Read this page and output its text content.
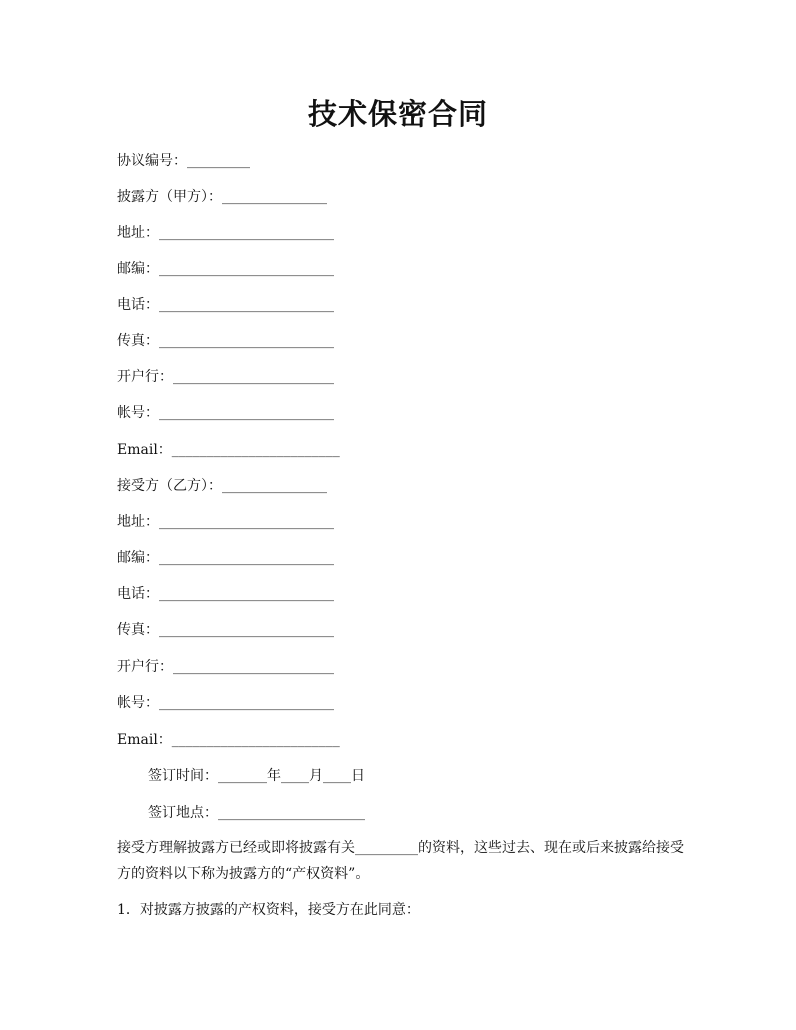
技术保密合同
协议编号：_________
披露方（甲方）：_______________
地址：_________________________
邮编：_________________________
电话：_________________________
传真：_________________________
开户行：_______________________
帐号：_________________________
Email：________________________
接受方（乙方）：_______________
地址：_________________________
邮编：_________________________
电话：_________________________
传真：_________________________
开户行：_______________________
帐号：_________________________
Email：________________________
签订时间：_______年____月____日
签订地点：_____________________
接受方理解披露方已经或即将披露有关_________的资料，这些过去、现在或后来披露给接受方的资料以下称为披露方的“产权资料”。
1．对披露方披露的产权资料，接受方在此同意：
